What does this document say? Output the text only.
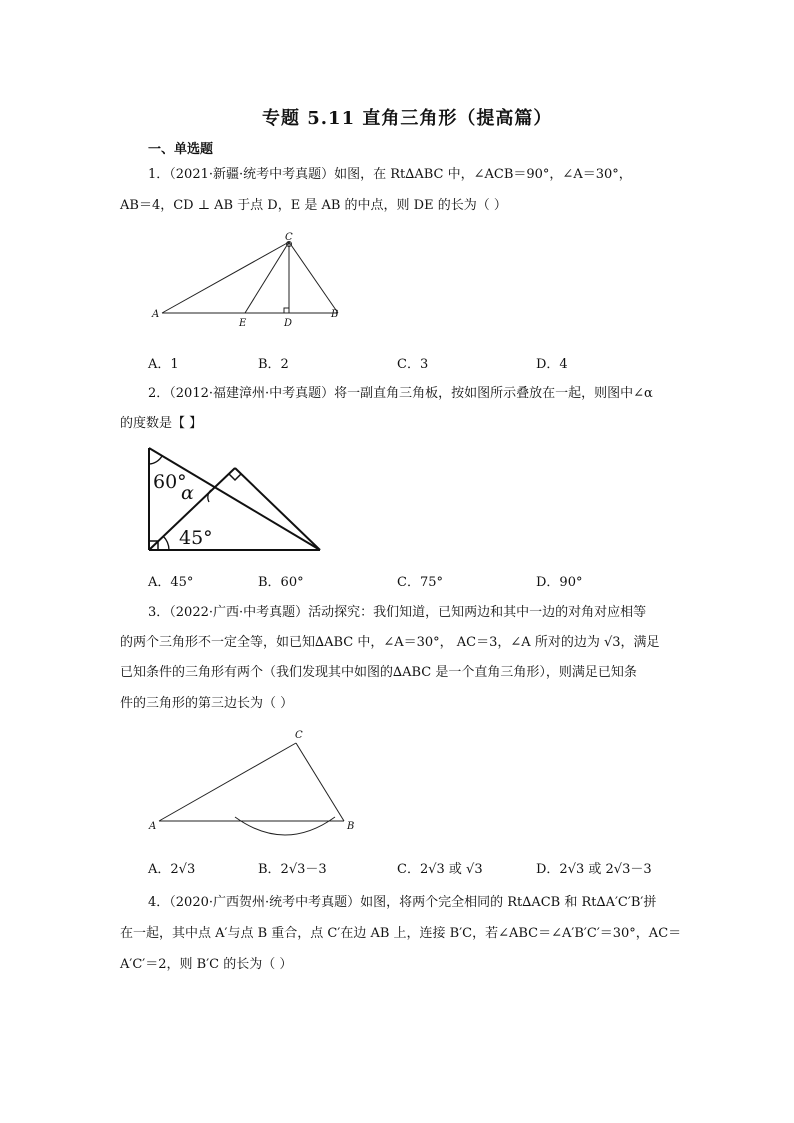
专题 5.11 直角三角形（提高篇）
一、单选题
1．（2021·新疆·统考中考真题）如图，在 Rt∆ABC 中，∠ACB＝90°，∠A＝30°，
AB＝4，CD ⊥ AB 于点 D，E 是 AB 的中点，则 DE 的长为（ ）
A	B
C
D
E
A．1	B．2	C．3	D．4
2．（2012·福建漳州·中考真题）将一副直角三角板，按如图所示叠放在一起，则图中∠α
的度数是【 】
60°
α
45°
A．45°	B．60°	C．75°	D．90°
3．（2022·广西·中考真题）活动探究：我们知道，已知两边和其中一边的对角对应相等
的两个三角形不一定全等，如已知∆ABC 中，∠A＝30°， AC＝3，∠A 所对的边为 √3，满足
已知条件的三角形有两个（我们发现其中如图的∆ABC 是一个直角三角形），则满足已知条
件的三角形的第三边长为（ ）
A	B
C
A．2√3	B．2√3－3	C．2√3 或 √3	D．2√3 或 2√3－3
4．（2020·广西贺州·统考中考真题）如图，将两个完全相同的 Rt∆ACB 和 Rt∆A′C′B′拼
在一起，其中点 A′与点 B 重合，点 C′在边 AB 上，连接 B′C，若∠ABC＝∠A′B′C′＝30°，AC＝
A′C′＝2，则 B′C 的长为（ ）
